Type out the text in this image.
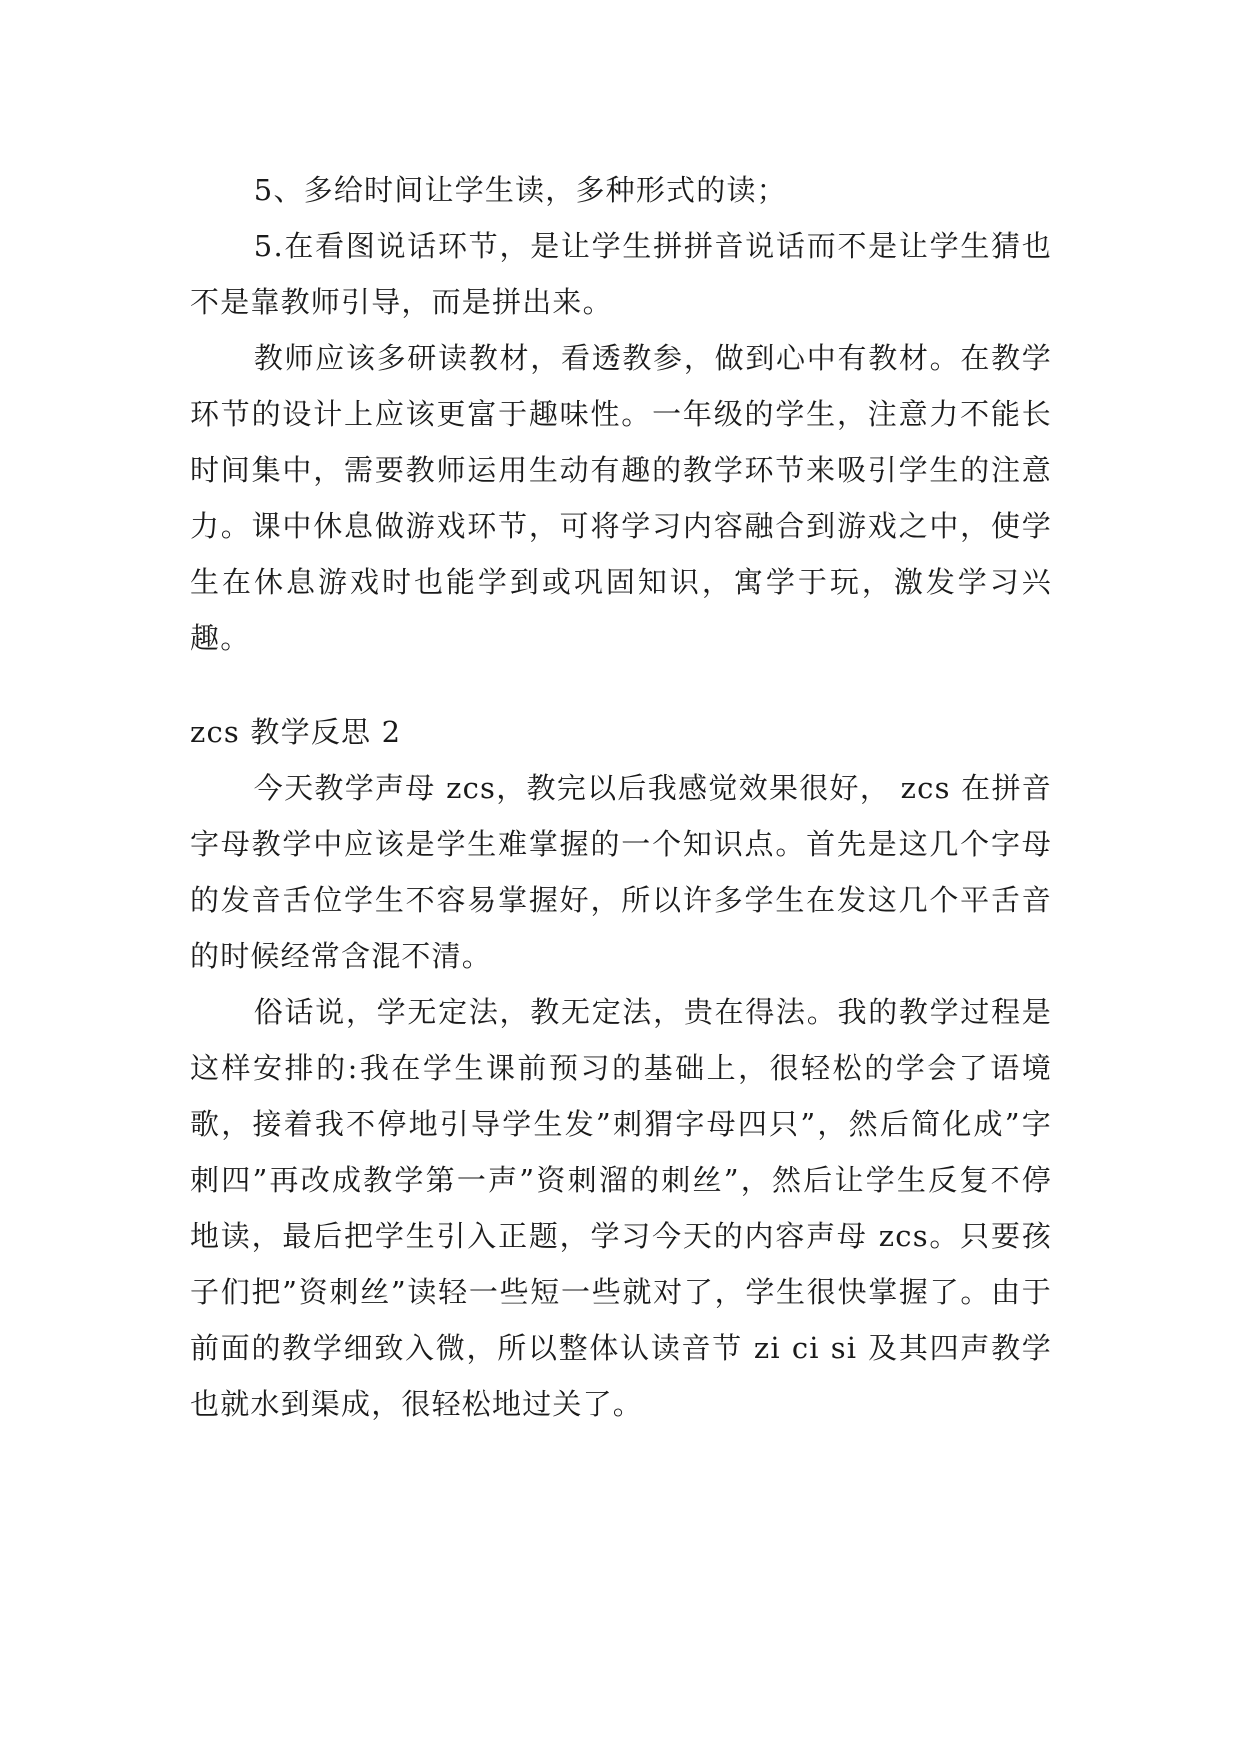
5、多给时间让学生读，多种形式的读；

5.在看图说话环节，是让学生拼拼音说话而不是让学生猜也不是靠教师引导，而是拼出来。

教师应该多研读教材，看透教参，做到心中有教材。在教学环节的设计上应该更富于趣味性。一年级的学生，注意力不能长时间集中，需要教师运用生动有趣的教学环节来吸引学生的注意力。课中休息做游戏环节，可将学习内容融合到游戏之中，使学生在休息游戏时也能学到或巩固知识，寓学于玩，激发学习兴趣。

zcs 教学反思 2

今天教学声母 zcs，教完以后我感觉效果很好， zcs 在拼音字母教学中应该是学生难掌握的一个知识点。首先是这几个字母的发音舌位学生不容易掌握好，所以许多学生在发这几个平舌音的时候经常含混不清。

俗话说，学无定法，教无定法，贵在得法。我的教学过程是这样安排的:我在学生课前预习的基础上，很轻松的学会了语境歌，接着我不停地引导学生发”刺猬字母四只”，然后简化成”字刺四”再改成教学第一声”资刺溜的刺丝”，然后让学生反复不停地读，最后把学生引入正题，学习今天的内容声母 zcs。只要孩子们把”资刺丝”读轻一些短一些就对了，学生很快掌握了。由于前面的教学细致入微，所以整体认读音节 zi ci si 及其四声教学也就水到渠成，很轻松地过关了。
